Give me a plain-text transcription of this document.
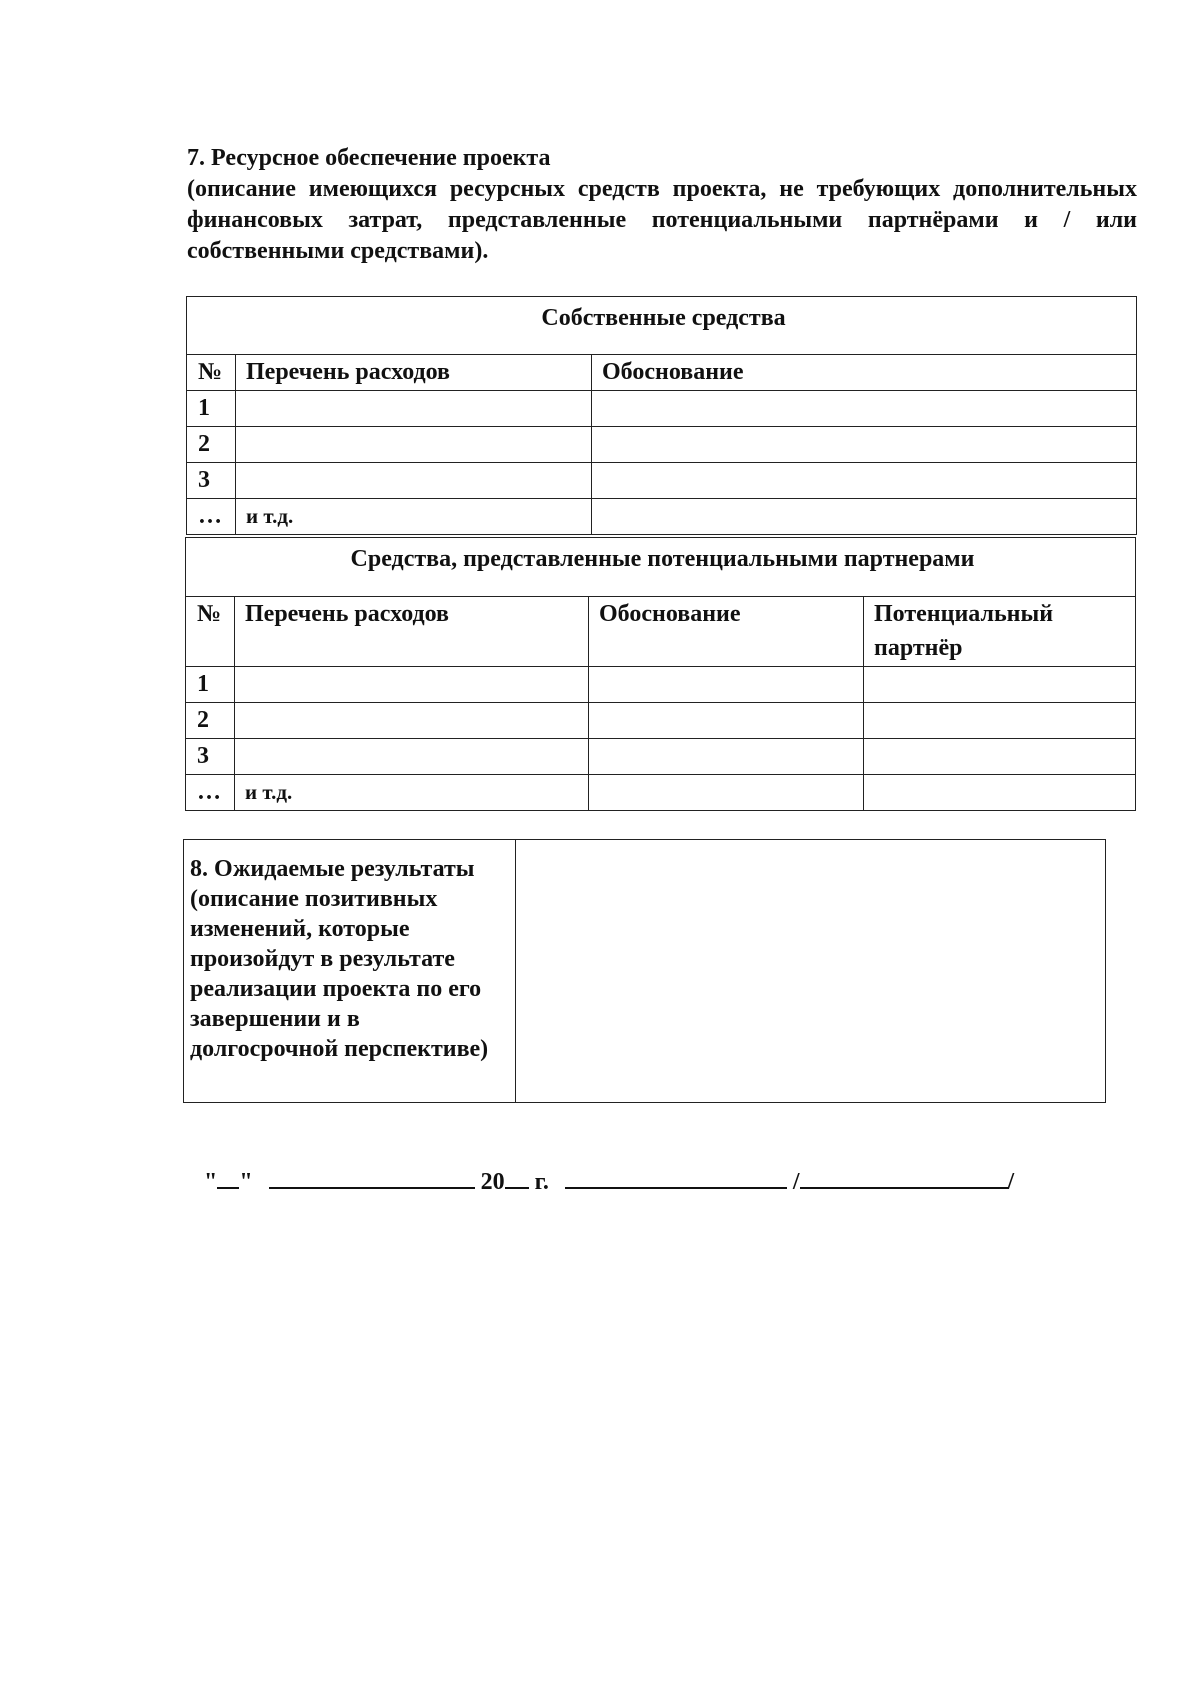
7. Ресурсное обеспечение проекта
(описание имеющихся ресурсных средств проекта, не требующих дополнительных финансовых затрат, представленные потенциальными партнёрами и / или собственными средствами).
Собственные средства		
№	Перечень расходов	Обоснование
1		
2		
3		
…	и т.д.	
Средства, представленные потенциальными партнерами			
№	Перечень расходов	Обоснование	Потенциальный партнёр
1			
2			
3			
…	и т.д.		
8. Ожидаемые результаты (описание позитивных изменений, которые произойдут в результате реализации проекта по его завершении и в долгосрочной перспективе)	
" "	20 г.	/	/
